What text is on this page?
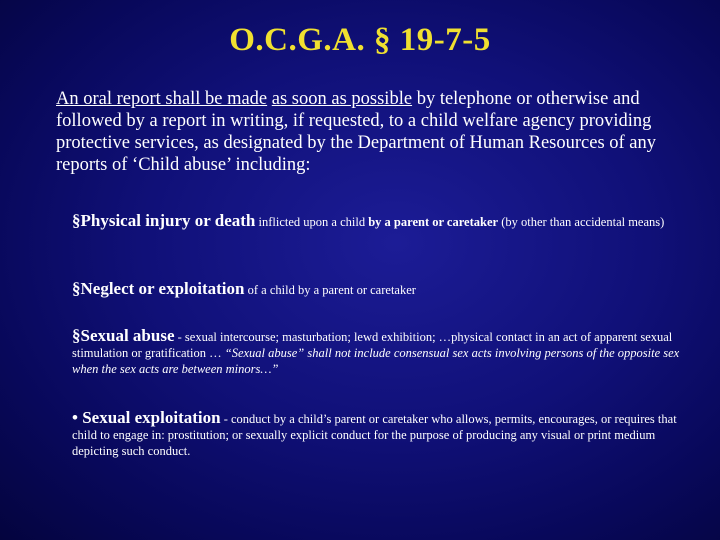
O.C.G.A. § 19-7-5
An oral report shall be made as soon as possible by telephone or otherwise and followed by a report in writing, if requested, to a child welfare agency providing protective services, as designated by the Department of Human Resources of any reports of ‘Child abuse’ including:
§Physical injury or death inflicted upon a child by a parent or caretaker (by other than accidental means)
§Neglect or exploitation of a child by a parent or caretaker
§Sexual abuse - sexual intercourse; masturbation; lewd exhibition; …physical contact in an act of apparent sexual stimulation or gratification … “Sexual abuse” shall not include consensual sex acts involving persons of the opposite sex when the sex acts are between minors…”
• Sexual exploitation - conduct by a child’s parent or caretaker who allows, permits, encourages, or requires that child to engage in: prostitution; or sexually explicit conduct for the purpose of producing any visual or print medium depicting such conduct.
